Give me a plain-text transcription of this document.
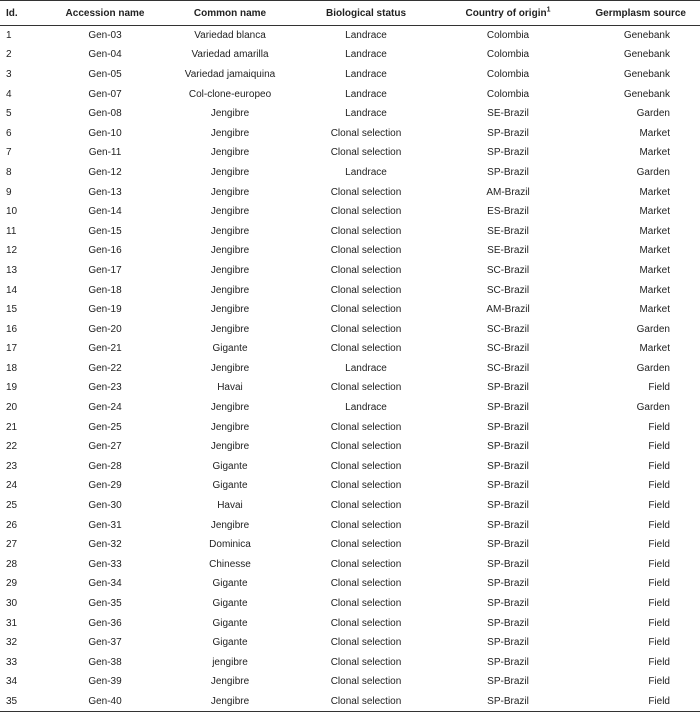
Id.	Accession name	Common name	Biological status	Country of origin$^1$	Germplasm source
1	Gen-03	Variedad blanca	Landrace	Colombia	Genebank
2	Gen-04	Variedad amarilla	Landrace	Colombia	Genebank
3	Gen-05	Variedad jamaiquina	Landrace	Colombia	Genebank
4	Gen-07	Col-clone-europeo	Landrace	Colombia	Genebank
5	Gen-08	Jengibre	Landrace	SE-Brazil	Garden
6	Gen-10	Jengibre	Clonal selection	SP-Brazil	Market
7	Gen-11	Jengibre	Clonal selection	SP-Brazil	Market
8	Gen-12	Jengibre	Landrace	SP-Brazil	Garden
9	Gen-13	Jengibre	Clonal selection	AM-Brazil	Market
10	Gen-14	Jengibre	Clonal selection	ES-Brazil	Market
11	Gen-15	Jengibre	Clonal selection	SE-Brazil	Market
12	Gen-16	Jengibre	Clonal selection	SE-Brazil	Market
13	Gen-17	Jengibre	Clonal selection	SC-Brazil	Market
14	Gen-18	Jengibre	Clonal selection	SC-Brazil	Market
15	Gen-19	Jengibre	Clonal selection	AM-Brazil	Market
16	Gen-20	Jengibre	Clonal selection	SC-Brazil	Garden
17	Gen-21	Gigante	Clonal selection	SC-Brazil	Market
18	Gen-22	Jengibre	Landrace	SC-Brazil	Garden
19	Gen-23	Havai	Clonal selection	SP-Brazil	Field
20	Gen-24	Jengibre	Landrace	SP-Brazil	Garden
21	Gen-25	Jengibre	Clonal selection	SP-Brazil	Field
22	Gen-27	Jengibre	Clonal selection	SP-Brazil	Field
23	Gen-28	Gigante	Clonal selection	SP-Brazil	Field
24	Gen-29	Gigante	Clonal selection	SP-Brazil	Field
25	Gen-30	Havai	Clonal selection	SP-Brazil	Field
26	Gen-31	Jengibre	Clonal selection	SP-Brazil	Field
27	Gen-32	Dominica	Clonal selection	SP-Brazil	Field
28	Gen-33	Chinesse	Clonal selection	SP-Brazil	Field
29	Gen-34	Gigante	Clonal selection	SP-Brazil	Field
30	Gen-35	Gigante	Clonal selection	SP-Brazil	Field
31	Gen-36	Gigante	Clonal selection	SP-Brazil	Field
32	Gen-37	Gigante	Clonal selection	SP-Brazil	Field
33	Gen-38	jengibre	Clonal selection	SP-Brazil	Field
34	Gen-39	Jengibre	Clonal selection	SP-Brazil	Field
35	Gen-40	Jengibre	Clonal selection	SP-Brazil	Field
